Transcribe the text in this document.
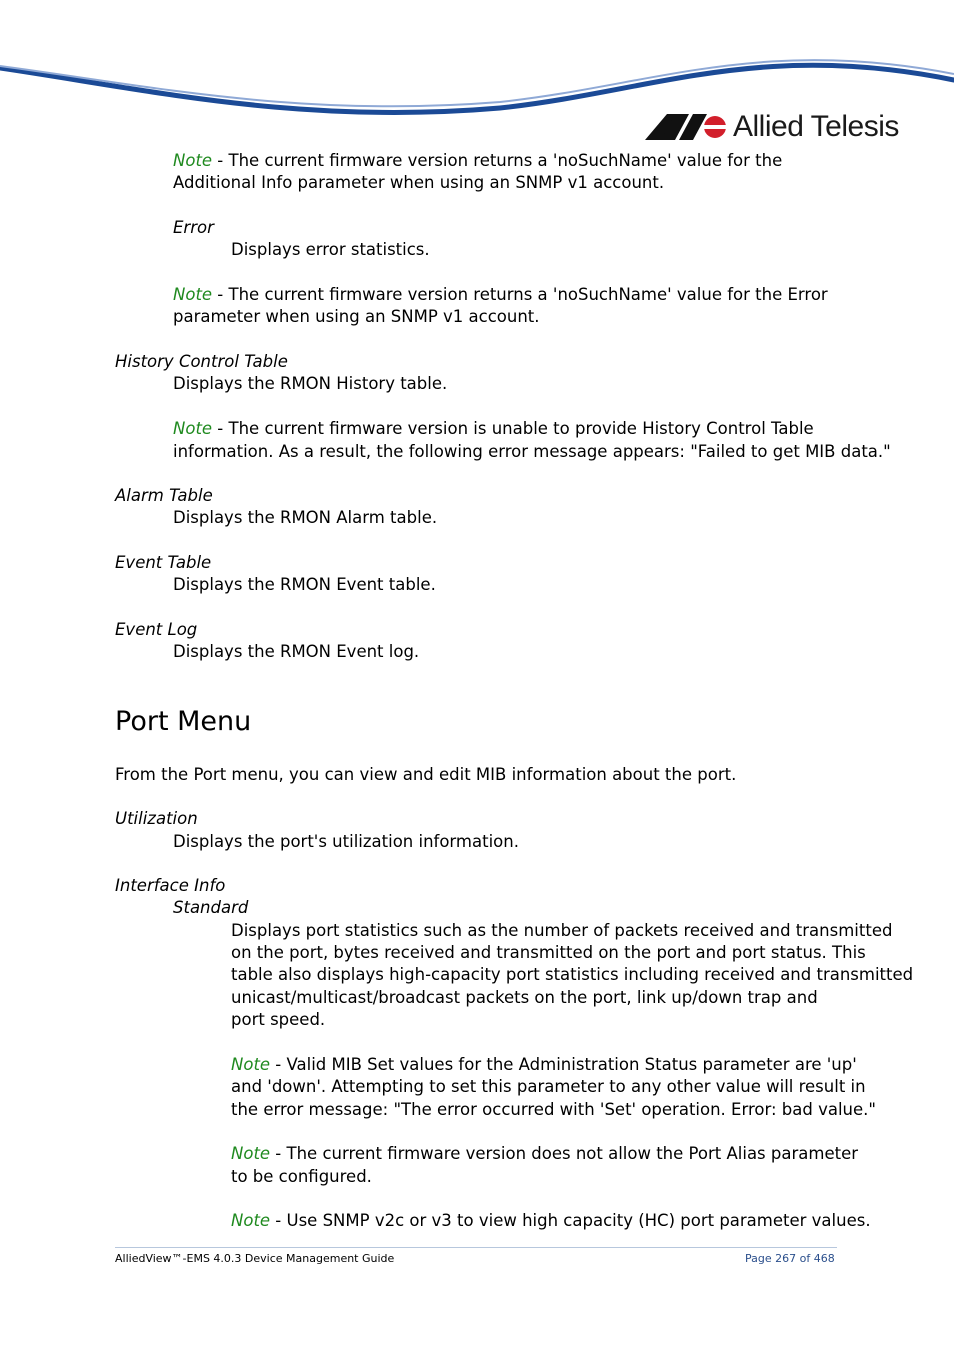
Allied Telesis
Note - The current firmware version returns a 'noSuchName' value for the
Additional Info parameter when using an SNMP v1 account.
Error
Displays error statistics.
Note - The current firmware version returns a 'noSuchName' value for the Error
parameter when using an SNMP v1 account.
History Control Table
Displays the RMON History table.
Note - The current firmware version is unable to provide History Control Table
information. As a result, the following error message appears: "Failed to get MIB data."
Alarm Table
Displays the RMON Alarm table.
Event Table
Displays the RMON Event table.
Event Log
Displays the RMON Event log.
Port Menu
From the Port menu, you can view and edit MIB information about the port.
Utilization
Displays the port's utilization information.
Interface Info
Standard
Displays port statistics such as the number of packets received and transmitted
on the port, bytes received and transmitted on the port and port status. This
table also displays high-capacity port statistics including received and transmitted
unicast/multicast/broadcast packets on the port, link up/down trap and
port speed.
Note - Valid MIB Set values for the Administration Status parameter are 'up'
and 'down'. Attempting to set this parameter to any other value will result in
the error message: "The error occurred with 'Set' operation. Error: bad value."
Note - The current firmware version does not allow the Port Alias parameter
to be configured.
Note - Use SNMP v2c or v3 to view high capacity (HC) port parameter values.
AlliedView™-EMS 4.0.3 Device Management Guide	Page 267 of 468
